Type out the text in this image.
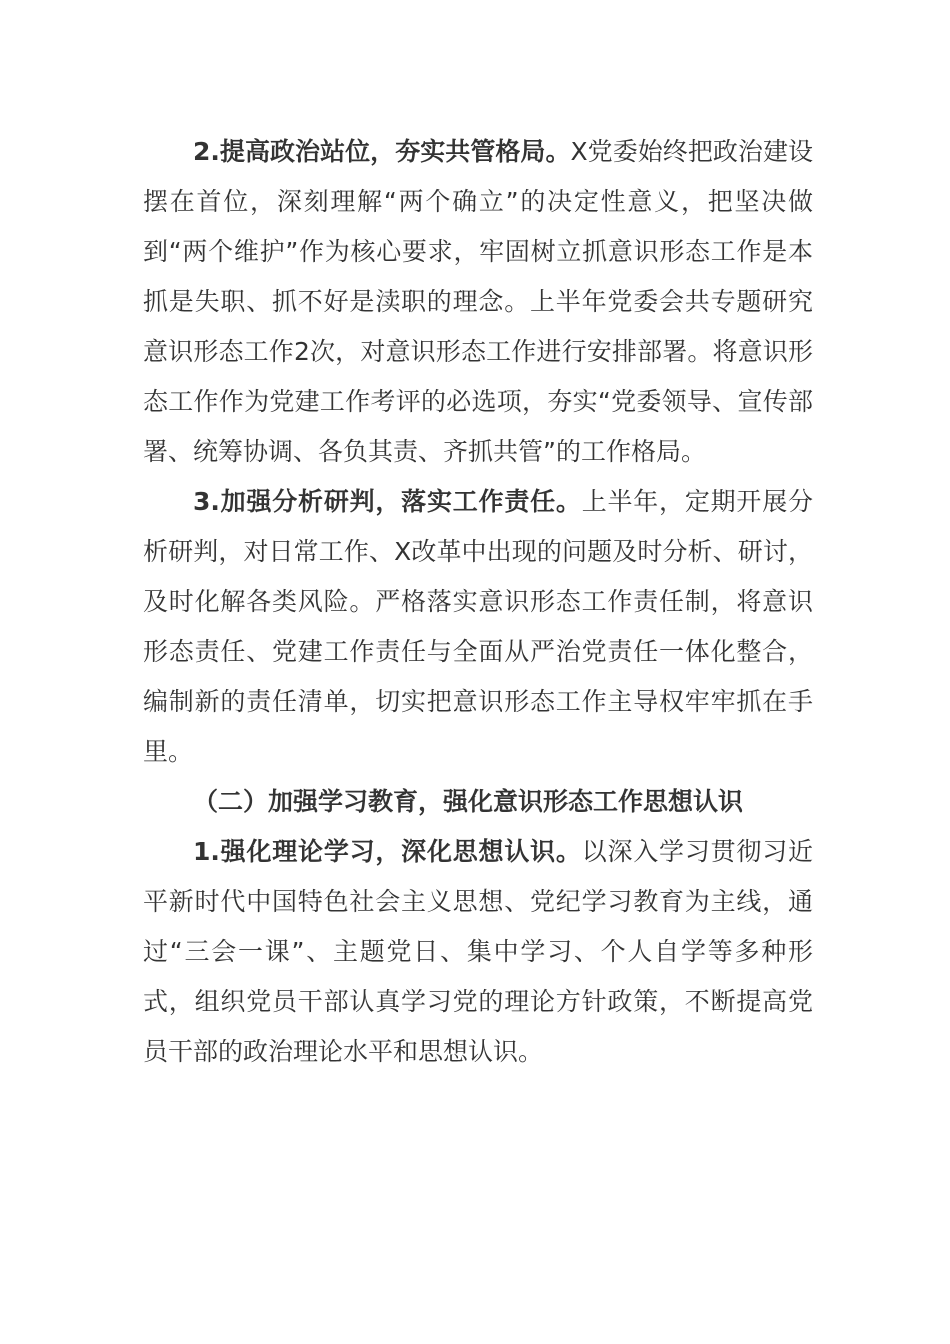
2.提高政治站位，夯实共管格局。X党委始终把政治建设摆在首位，深刻理解“两个确立”的决定性意义，把坚决做到“两个维护”作为核心要求，牢固树立抓意识形态工作是本抓是失职、抓不好是渎职的理念。上半年党委会共专题研究意识形态工作2次，对意识形态工作进行安排部署。将意识形态工作作为党建工作考评的必选项，夯实“党委领导、宣传部署、统筹协调、各负其责、齐抓共管”的工作格局。

3.加强分析研判，落实工作责任。上半年，定期开展分析研判，对日常工作、X改革中出现的问题及时分析、研讨，及时化解各类风险。严格落实意识形态工作责任制，将意识形态责任、党建工作责任与全面从严治党责任一体化整合，编制新的责任清单，切实把意识形态工作主导权牢牢抓在手里。

（二）加强学习教育，强化意识形态工作思想认识

1.强化理论学习，深化思想认识。以深入学习贯彻习近平新时代中国特色社会主义思想、党纪学习教育为主线，通过“三会一课”、主题党日、集中学习、个人自学等多种形式，组织党员干部认真学习党的理论方针政策，不断提高党员干部的政治理论水平和思想认识。
